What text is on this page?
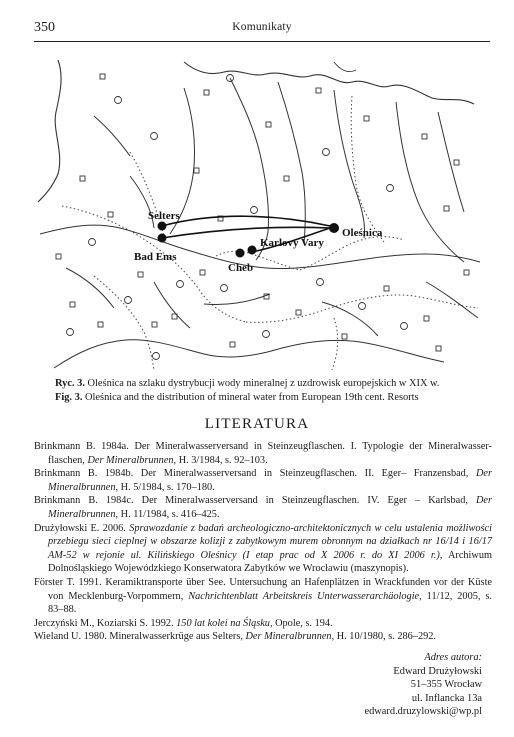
350	Komunikaty
Selters
Bad Ems
Oleśnica
Karlovy Vary
Cheb
Ryc. 3. Oleśnica na szlaku dystrybucji wody mineralnej z uzdrowisk europejskich w XIX w.
Fig. 3. Oleśnica and the distribution of mineral water from European 19th cent. Resorts
LITERATURA

Brinkmann B. 1984a. Der Mineralwasserversand in Steinzeugflaschen. I. Typologie der Mineralwasser-flaschen, Der Mineralbrunnen, H. 3/1984, s. 92–103.

Brinkmann B. 1984b. Der Mineralwasserversand in Steinzeugflaschen. II. Eger– Franzensbad, Der Mineralbrunnen, H. 5/1984, s. 170–180.

Brinkmann B. 1984c. Der Mineralwasserversand in Steinzeugflaschen. IV. Eger – Karlsbad, Der Mineralbrunnen, H. 11/1984, s. 416–425.

Drużyłowski E. 2006. Sprawozdanie z badań archeologiczno-architektonicznych w celu ustalenia możliwości przebiegu sieci cieplnej w obszarze kolizji z zabytkowym murem obronnym na działkach nr 16/14 i 16/17 AM-52 w rejonie ul. Kilińskiego Oleśnicy (I etap prac od X 2006 r. do XI 2006 r.), Archiwum Dolnośląskiego Wojewódzkiego Konserwatora Zabytków we Wrocławiu (maszynopis).

Förster T. 1991. Keramiktransporte über See. Untersuchung an Hafenplätzen in Wrackfunden vor der Küste von Mecklenburg-Vorpommern, Nachrichtenblatt Arbeitskreis Unterwasserarchäologie, 11/12, 2005, s. 83–88.

Jerczyński M., Koziarski S. 1992. 150 lat kolei na Śląsku, Opole, s. 194.

Wieland U. 1980. Mineralwasserkrüge aus Selters, Der Mineralbrunnen, H. 10/1980, s. 286–292.

Adres autora:
Edward Drużyłowski
51–355 Wrocław
ul. Inflancka 13a
edward.druzylowski@wp.pl
